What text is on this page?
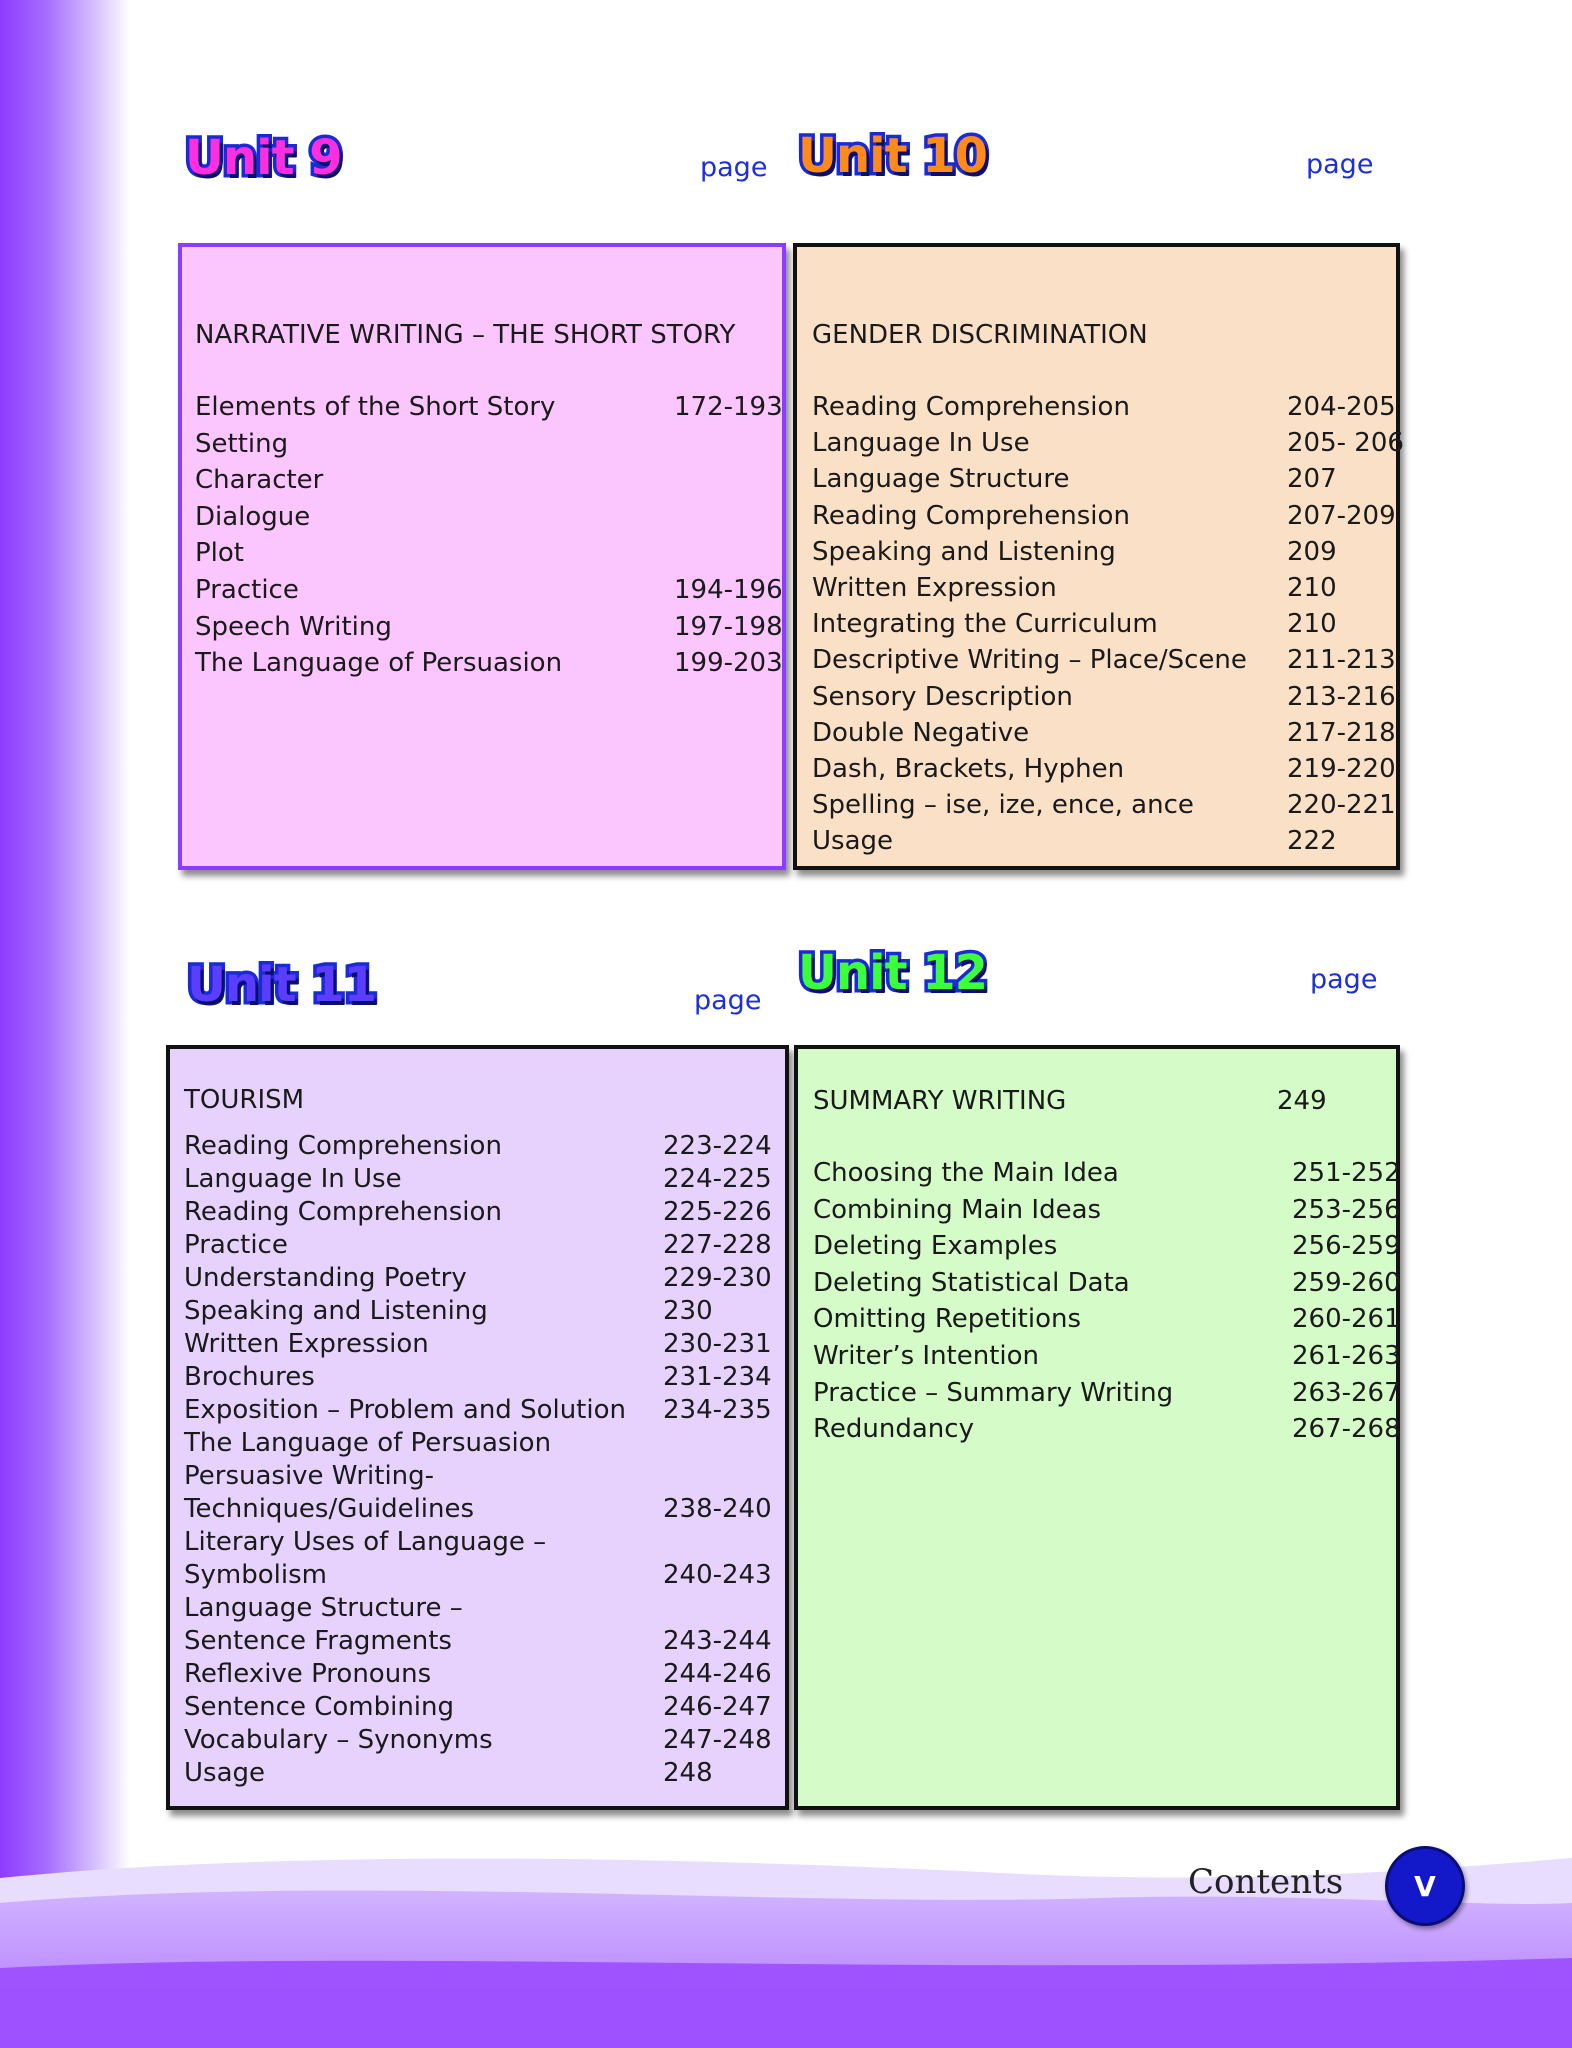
Unit 9	page
NARRATIVE WRITING – THE SHORT STORY
Elements of the Short Story	172-193
Setting
Character
Dialogue
Plot
Practice	194-196
Speech Writing	197-198
The Language of Persuasion	199-203
Unit 10	page
GENDER DISCRIMINATION
Reading Comprehension	204-205
Language In Use	205- 206
Language Structure	207
Reading Comprehension	207-209
Speaking and Listening	209
Written Expression	210
Integrating the Curriculum	210
Descriptive Writing – Place/Scene 211-213
Sensory Description	213-216
Double Negative	217-218
Dash, Brackets, Hyphen	219-220
Spelling – ise, ize, ence, ance	220-221
Usage	222
Unit 11	page
TOURISM
Reading Comprehension	223-224
Language In Use	224-225
Reading Comprehension	225-226
Practice	227-228
Understanding Poetry	229-230
Speaking and Listening	230
Written Expression	230-231
Brochures	231-234
Exposition – Problem and Solution 234-235
The Language of Persuasion
Persuasive Writing-
Techniques/Guidelines	238-240
Literary Uses of Language –
Symbolism	240-243
Language Structure –
Sentence Fragments	243-244
Reflexive Pronouns	244-246
Sentence Combining	246-247
Vocabulary – Synonyms	247-248
Usage	248
Unit 12	page
SUMMARY WRITING	249
Choosing the Main Idea	251-252
Combining Main Ideas	253-256
Deleting Examples	256-259
Deleting Statistical Data	259-260
Omitting Repetitions	260-261
Writer’s Intention	261-263
Practice – Summary Writing	263-267
Redundancy	267-268
Contents	V
